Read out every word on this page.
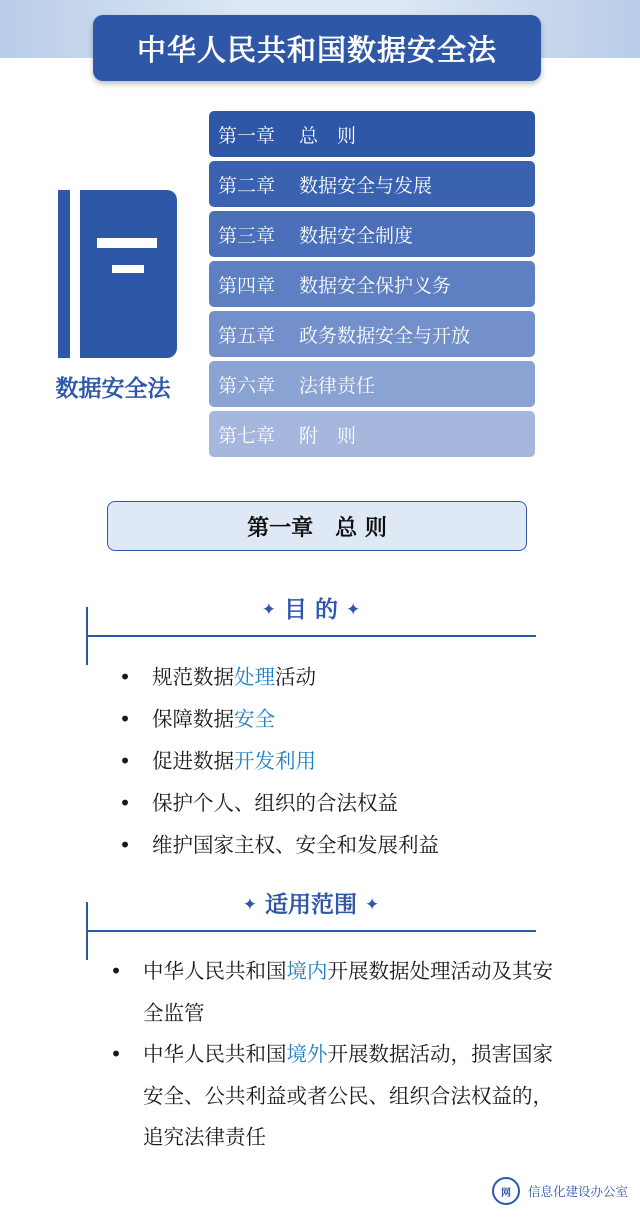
中华人民共和国数据安全法
数据安全法
第一章	总　则
第二章	数据安全与发展
第三章	数据安全制度
第四章	数据安全保护义务
第五章	政务数据安全与开放
第六章	法律责任
第七章	附　则
第一章　总 则
✦ 目 的 ✦
• 规范数据处理活动
• 保障数据安全
• 促进数据开发利用
• 保护个人、组织的合法权益
• 维护国家主权、安全和发展利益
✦ 适用范围 ✦
• 中华人民共和国境内开展数据处理活动及其安全监管
• 中华人民共和国境外开展数据活动，损害国家安全、公共利益或者公民、组织合法权益的，追究法律责任
网	信息化建设办公室
